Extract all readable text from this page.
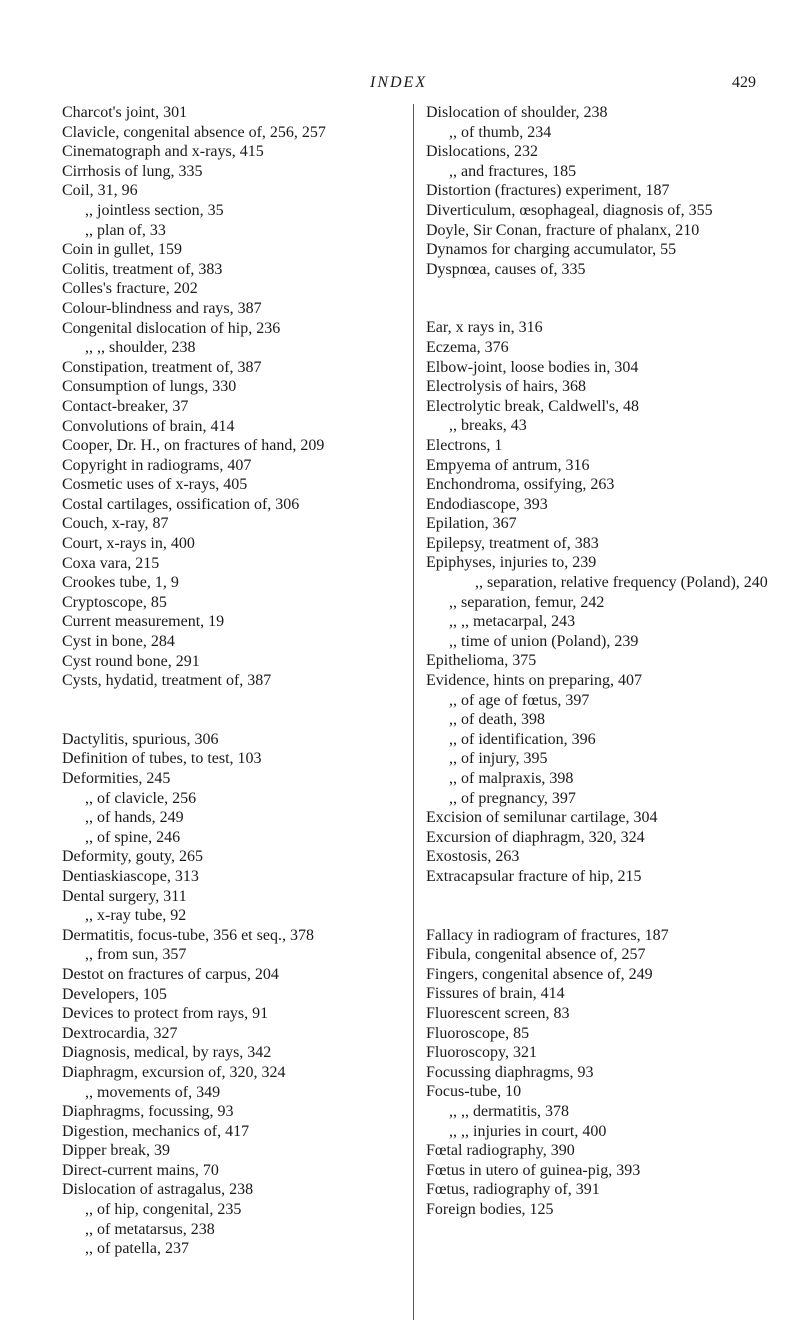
INDEX	429
Charcot's joint, 301
Clavicle, congenital absence of, 256, 257
Cinematograph and x-rays, 415
Cirrhosis of lung, 335
Coil, 31, 96
,, jointless section, 35
,, plan of, 33
Coin in gullet, 159
Colitis, treatment of, 383
Colles's fracture, 202
Colour-blindness and rays, 387
Congenital dislocation of hip, 236
,, ,, shoulder, 238
Constipation, treatment of, 387
Consumption of lungs, 330
Contact-breaker, 37
Convolutions of brain, 414
Cooper, Dr. H., on fractures of hand, 209
Copyright in radiograms, 407
Cosmetic uses of x-rays, 405
Costal cartilages, ossification of, 306
Couch, x-ray, 87
Court, x-rays in, 400
Coxa vara, 215
Crookes tube, 1, 9
Cryptoscope, 85
Current measurement, 19
Cyst in bone, 284
Cyst round bone, 291
Cysts, hydatid, treatment of, 387
Dactylitis, spurious, 306
Definition of tubes, to test, 103
Deformities, 245
,, of clavicle, 256
,, of hands, 249
,, of spine, 246
Deformity, gouty, 265
Dentiaskiascope, 313
Dental surgery, 311
,, x-ray tube, 92
Dermatitis, focus-tube, 356 et seq., 378
,, from sun, 357
Destot on fractures of carpus, 204
Developers, 105
Devices to protect from rays, 91
Dextrocardia, 327
Diagnosis, medical, by rays, 342
Diaphragm, excursion of, 320, 324
,, movements of, 349
Diaphragms, focussing, 93
Digestion, mechanics of, 417
Dipper break, 39
Direct-current mains, 70
Dislocation of astragalus, 238
,, of hip, congenital, 235
,, of metatarsus, 238
,, of patella, 237
Dislocation of shoulder, 238
,, of thumb, 234
Dislocations, 232
,, and fractures, 185
Distortion (fractures) experiment, 187
Diverticulum, œsophageal, diagnosis of, 355
Doyle, Sir Conan, fracture of phalanx, 210
Dynamos for charging accumulator, 55
Dyspnœa, causes of, 335
Ear, x rays in, 316
Eczema, 376
Elbow-joint, loose bodies in, 304
Electrolysis of hairs, 368
Electrolytic break, Caldwell's, 48
,, breaks, 43
Electrons, 1
Empyema of antrum, 316
Enchondroma, ossifying, 263
Endodiascope, 393
Epilation, 367
Epilepsy, treatment of, 383
Epiphyses, injuries to, 239
,, separation, relative frequency (Poland), 240
,, separation, femur, 242
,, ,, metacarpal, 243
,, time of union (Poland), 239
Epithelioma, 375
Evidence, hints on preparing, 407
,, of age of fœtus, 397
,, of death, 398
,, of identification, 396
,, of injury, 395
,, of malpraxis, 398
,, of pregnancy, 397
Excision of semilunar cartilage, 304
Excursion of diaphragm, 320, 324
Exostosis, 263
Extracapsular fracture of hip, 215
Fallacy in radiogram of fractures, 187
Fibula, congenital absence of, 257
Fingers, congenital absence of, 249
Fissures of brain, 414
Fluorescent screen, 83
Fluoroscope, 85
Fluoroscopy, 321
Focussing diaphragms, 93
Focus-tube, 10
,, ,, dermatitis, 378
,, ,, injuries in court, 400
Fœtal radiography, 390
Fœtus in utero of guinea-pig, 393
Fœtus, radiography of, 391
Foreign bodies, 125
